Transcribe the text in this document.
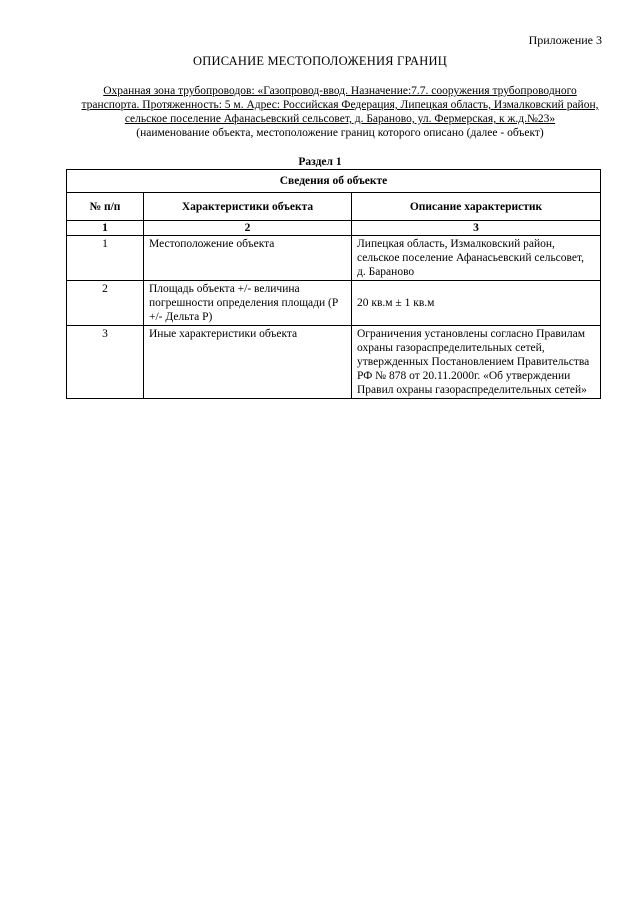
Приложение 3
ОПИСАНИЕ МЕСТОПОЛОЖЕНИЯ ГРАНИЦ
Охранная зона трубопроводов: «Газопровод-ввод. Назначение:7.7. сооружения трубопроводного транспорта. Протяженность: 5 м. Адрес: Российская Федерация, Липецкая область, Измалковский район, сельское поселение Афанасьевский сельсовет, д. Бараново, ул. Фермерская, к ж.д.№23»
(наименование объекта, местоположение границ которого описано (далее - объект)
Раздел 1
Сведения об объекте		
№ п/п	Характеристики объекта	Описание характеристик
1	2	3
1	Местоположение объекта	Липецкая область, Измалковский район, сельское поселение Афанасьевский сельсовет, д. Бараново
2	Площадь объекта +/- величина погрешности определения площади (Р +/- Дельта Р)	20 кв.м ± 1 кв.м
3	Иные характеристики объекта	Ограничения установлены согласно Правилам охраны газораспределительных сетей, утвержденных Постановлением Правительства РФ № 878 от 20.11.2000г. «Об утверждении Правил охраны газораспределительных сетей»
